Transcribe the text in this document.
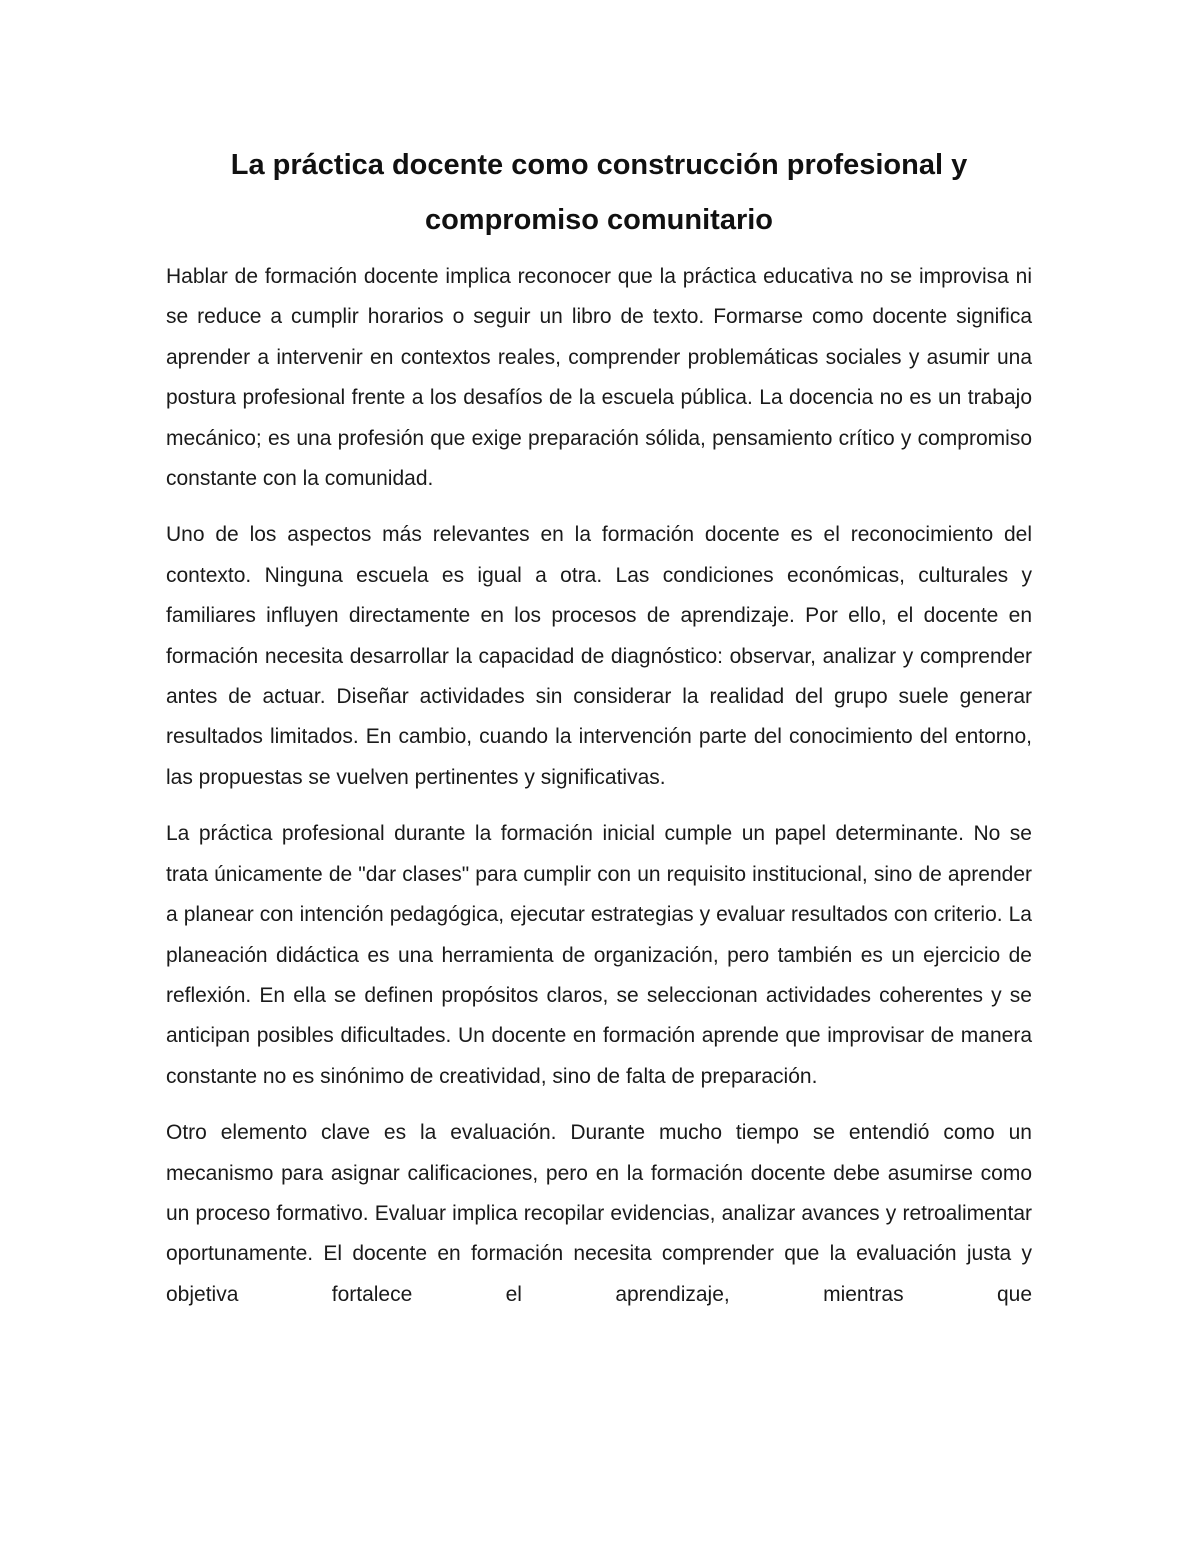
La práctica docente como construcción profesional y compromiso comunitario

Hablar de formación docente implica reconocer que la práctica educativa no se improvisa ni se reduce a cumplir horarios o seguir un libro de texto. Formarse como docente significa aprender a intervenir en contextos reales, comprender problemáticas sociales y asumir una postura profesional frente a los desafíos de la escuela pública. La docencia no es un trabajo mecánico; es una profesión que exige preparación sólida, pensamiento crítico y compromiso constante con la comunidad.

Uno de los aspectos más relevantes en la formación docente es el reconocimiento del contexto. Ninguna escuela es igual a otra. Las condiciones económicas, culturales y familiares influyen directamente en los procesos de aprendizaje. Por ello, el docente en formación necesita desarrollar la capacidad de diagnóstico: observar, analizar y comprender antes de actuar. Diseñar actividades sin considerar la realidad del grupo suele generar resultados limitados. En cambio, cuando la intervención parte del conocimiento del entorno, las propuestas se vuelven pertinentes y significativas.

La práctica profesional durante la formación inicial cumple un papel determinante. No se trata únicamente de "dar clases" para cumplir con un requisito institucional, sino de aprender a planear con intención pedagógica, ejecutar estrategias y evaluar resultados con criterio. La planeación didáctica es una herramienta de organización, pero también es un ejercicio de reflexión. En ella se definen propósitos claros, se seleccionan actividades coherentes y se anticipan posibles dificultades. Un docente en formación aprende que improvisar de manera constante no es sinónimo de creatividad, sino de falta de preparación.

Otro elemento clave es la evaluación. Durante mucho tiempo se entendió como un mecanismo para asignar calificaciones, pero en la formación docente debe asumirse como un proceso formativo. Evaluar implica recopilar evidencias, analizar avances y retroalimentar oportunamente. El docente en formación necesita comprender que la evaluación justa y objetiva fortalece el aprendizaje, mientras que
